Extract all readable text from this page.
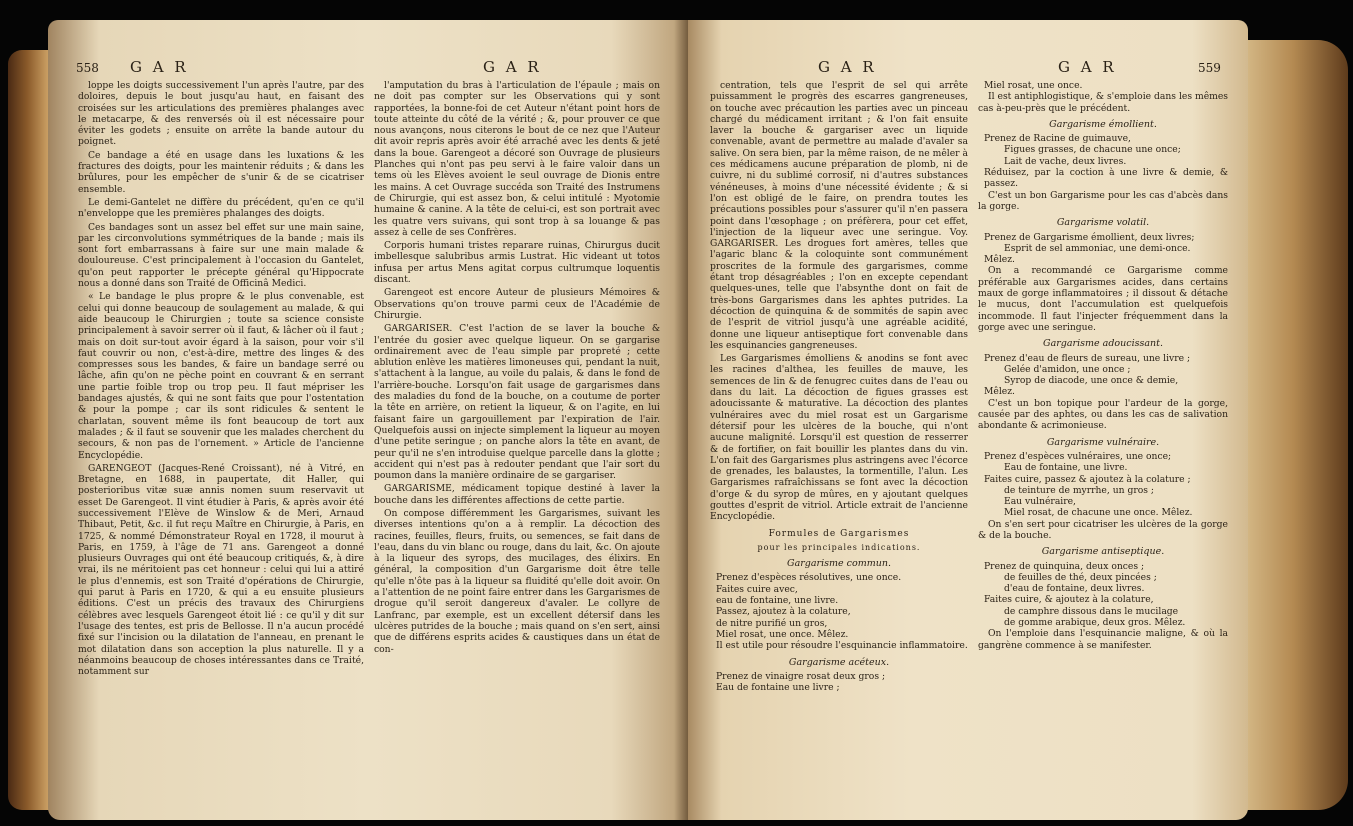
558 G A R	G A R

loppe les doigts successivement l'un après l'autre, par des doloires, depuis le bout jusqu'au haut, en faisant des croisées sur les articulations des premières phalanges avec le metacarpe, & des renversés où il est nécessaire pour éviter les godets ; ensuite on arrête la bande autour du poignet.

Ce bandage a été en usage dans les luxations & les fractures des doigts, pour les maintenir réduits ; & dans les brûlures, pour les empêcher de s'unir & de se cicatriser ensemble.

Le demi-Gantelet ne diffère du précédent, qu'en ce qu'il n'enveloppe que les premières phalanges des doigts.

Ces bandages sont un assez bel effet sur une main saine, par les circonvolutions symmétriques de la bande ; mais ils sont fort embarrassans à faire sur une main malade & douloureuse. C'est principalement à l'occasion du Gantelet, qu'on peut rapporter le précepte général qu'Hippocrate nous a donné dans son Traité de Officinâ Medici.

« Le bandage le plus propre & le plus convenable, est celui qui donne beaucoup de soulagement au malade, & qui aide beaucoup le Chirurgien ; toute sa science consiste principalement à savoir serrer où il faut, & lâcher où il faut ; mais on doit sur-tout avoir égard à la saison, pour voir s'il faut couvrir ou non, c'est-à-dire, mettre des linges & des compresses sous les bandes, & faire un bandage serré ou lâche, afin qu'on ne pèche point en couvrant & en serrant une partie foible trop ou trop peu. Il faut mépriser les bandages ajustés, & qui ne sont faits que pour l'ostentation & pour la pompe ; car ils sont ridicules & sentent le charlatan, souvent même ils font beaucoup de tort aux malades ; & il faut se souvenir que les malades cherchent du secours, & non pas de l'ornement. » Article de l'ancienne Encyclopédie.

GARENGEOT (Jacques-René Croissant), né à Vitré, en Bretagne, en 1688, in paupertate, dit Haller, qui posterioribus vitæ suæ annis nomen suum reservavit ut esset De Garengeot. Il vint étudier à Paris, & après avoir été successivement l'Elève de Winslow & de Meri, Arnaud Thibaut, Petit, &c. il fut reçu Maître en Chirurgie, à Paris, en 1725, & nommé Démonstrateur Royal en 1728, il mourut à Paris, en 1759, à l'âge de 71 ans. Garengeot a donné plusieurs Ouvrages qui ont été beaucoup critiqués, &, à dire vrai, ils ne méritoient pas cet honneur : celui qui lui a attiré le plus d'ennemis, est son Traité d'opérations de Chirurgie, qui parut à Paris en 1720, & qui a eu ensuite plusieurs éditions. C'est un précis des travaux des Chirurgiens célèbres avec lesquels Garengeot étoit lié : ce qu'il y dit sur l'usage des tentes, est pris de Bellosse. Il n'a aucun procédé fixé sur l'incision ou la dilatation de l'anneau, en prenant le mot dilatation dans son acception la plus naturelle. Il y a néanmoins beaucoup de choses intéressantes dans ce Traité, notamment sur

l'amputation du bras à l'articulation de l'épaule ; mais on ne doit pas compter sur les Observations qui y sont rapportées, la bonne-foi de cet Auteur n'étant point hors de toute atteinte du côté de la vérité ; &, pour prouver ce que nous avançons, nous citerons le bout de ce nez que l'Auteur dit avoir repris après avoir été arraché avec les dents & jeté dans la boue. Garengeot a décoré son Ouvrage de plusieurs Planches qui n'ont pas peu servi à le faire valoir dans un tems où les Elèves avoient le seul ouvrage de Dionis entre les mains. A cet Ouvrage succéda son Traité des Instrumens de Chirurgie, qui est assez bon, & celui intitulé : Myotomie humaine & canine. A la tête de celui-ci, est son portrait avec les quatre vers suivans, qui sont trop à sa louange & pas assez à celle de ses Confrères.

Corporis humani tristes reparare ruinas, Chirurgus ducit imbellesque salubribus armis Lustrat. Hic videant ut totos infusa per artus Mens agitat corpus cultrumque loquentis discant.

Garengeot est encore Auteur de plusieurs Mémoires & Observations qu'on trouve parmi ceux de l'Académie de Chirurgie.

GARGARISER. C'est l'action de se laver la bouche & l'entrée du gosier avec quelque liqueur. On se gargarise ordinairement avec de l'eau simple par propreté ; cette ablution enlève les matières limoneuses qui, pendant la nuit, s'attachent à la langue, au voile du palais, & dans le fond de l'arrière-bouche. Lorsqu'on fait usage de gargarismes dans des maladies du fond de la bouche, on a coutume de porter la tête en arrière, on retient la liqueur, & on l'agite, en lui faisant faire un gargouillement par l'expiration de l'air. Quelquefois aussi on injecte simplement la liqueur au moyen d'une petite seringue ; on panche alors la tête en avant, de peur qu'il ne s'en introduise quelque parcelle dans la glotte ; accident qui n'est pas à redouter pendant que l'air sort du poumon dans la manière ordinaire de se gargariser.

GARGARISME, médicament topique destiné à laver la bouche dans les différentes affections de cette partie.

On compose différemment les Gargarismes, suivant les diverses intentions qu'on a à remplir. La décoction des racines, feuilles, fleurs, fruits, ou semences, se fait dans de l'eau, dans du vin blanc ou rouge, dans du lait, &c. On ajoute à la liqueur des syrops, des mucilages, des élixirs. En général, la composition d'un Gargarisme doit être telle qu'elle n'ôte pas à la liqueur sa fluidité qu'elle doit avoir. On a l'attention de ne point faire entrer dans les Gargarismes de drogue qu'il seroit dangereux d'avaler. Le collyre de Lanfranc, par exemple, est un excellent détersif dans les ulcères putrides de la bouche ; mais quand on s'en sert, ainsi que de différens esprits acides & caustiques dans un état de con-

G A R	G A R	559

centration, tels que l'esprit de sel qui arrête puissamment le progrès des escarres gangreneuses, on touche avec précaution les parties avec un pinceau chargé du médicament irritant ; & l'on fait ensuite laver la bouche & gargariser avec un liquide convenable, avant de permettre au malade d'avaler sa salive. On sera bien, par la même raison, de ne mêler à ces médicamens aucune préparation de plomb, ni de cuivre, ni du sublimé corrosif, ni d'autres substances vénéneuses, à moins d'une nécessité évidente ; & si l'on est obligé de le faire, on prendra toutes les précautions possibles pour s'assurer qu'il n'en passera point dans l'œsophage ; on préfèrera, pour cet effet, l'injection de la liqueur avec une seringue. Voy. GARGARISER. Les drogues fort amères, telles que l'agaric blanc & la coloquinte sont communément proscrites de la formule des gargarismes, comme étant trop désagréables ; l'on en excepte cependant quelques-unes, telle que l'absynthe dont on fait de très-bons Gargarismes dans les aphtes putrides. La décoction de quinquina & de sommités de sapin avec de l'esprit de vitriol jusqu'à une agréable acidité, donne une liqueur antiseptique fort convenable dans les esquinancies gangreneuses.

Les Gargarismes émolliens & anodins se font avec les racines d'althea, les feuilles de mauve, les semences de lin & de fenugrec cuites dans de l'eau ou dans du lait. La décoction de figues grasses est adoucissante & maturative. La décoction des plantes vulnéraires avec du miel rosat est un Gargarisme détersif pour les ulcères de la bouche, qui n'ont aucune malignité. Lorsqu'il est question de resserrer & de fortifier, on fait bouillir les plantes dans du vin. L'on fait des Gargarismes plus astringens avec l'écorce de grenades, les balaustes, la tormentille, l'alun. Les Gargarismes rafraîchissans se font avec la décoction d'orge & du syrop de mûres, en y ajoutant quelques gouttes d'esprit de vitriol. Article extrait de l'ancienne Encyclopédie.

Formules de Gargarismes
pour les principales indications.
Gargarisme commun.

Prenez d'espèces résolutives, une once.

Faites cuire avec,

eau de fontaine, une livre.

Passez, ajoutez à la colature,

de nitre purifié un gros,

Miel rosat, une once. Mêlez.

Il est utile pour résoudre l'esquinancie inflammatoire.

Gargarisme acéteux.

Prenez de vinaigre rosat deux gros ;

Eau de fontaine une livre ;

Miel rosat, une once.

Il est antiphlogistique, & s'emploie dans les mêmes cas à-peu-près que le précédent.

Gargarisme émollient.

Prenez de Racine de guimauve,

Figues grasses, de chacune une once;

Lait de vache, deux livres.

Réduisez, par la coction à une livre & demie, & passez.

C'est un bon Gargarisme pour les cas d'abcès dans la gorge.

Gargarisme volatil.

Prenez de Gargarisme émollient, deux livres;

Esprit de sel ammoniac, une demi-once.

Mêlez.

On a recommandé ce Gargarisme comme préférable aux Gargarismes acides, dans certains maux de gorge inflammatoires ; il dissout & détache le mucus, dont l'accumulation est quelquefois incommode. Il faut l'injecter fréquemment dans la gorge avec une seringue.

Gargarisme adoucissant.

Prenez d'eau de fleurs de sureau, une livre ;

Gelée d'amidon, une once ;

Syrop de diacode, une once & demie,

Mêlez.

C'est un bon topique pour l'ardeur de la gorge, causée par des aphtes, ou dans les cas de salivation abondante & acrimonieuse.

Gargarisme vulnéraire.

Prenez d'espèces vulnéraires, une once;

Eau de fontaine, une livre.

Faites cuire, passez & ajoutez à la colature ;

de teinture de myrrhe, un gros ;

Eau vulnéraire,

Miel rosat, de chacune une once. Mêlez.

On s'en sert pour cicatriser les ulcères de la gorge & de la bouche.

Gargarisme antiseptique.

Prenez de quinquina, deux onces ;

de feuilles de thé, deux pincées ;

d'eau de fontaine, deux livres.

Faites cuire, & ajoutez à la colature,

de camphre dissous dans le mucilage

de gomme arabique, deux gros. Mêlez.

On l'emploie dans l'esquinancie maligne, & où la gangrène commence à se manifester.
